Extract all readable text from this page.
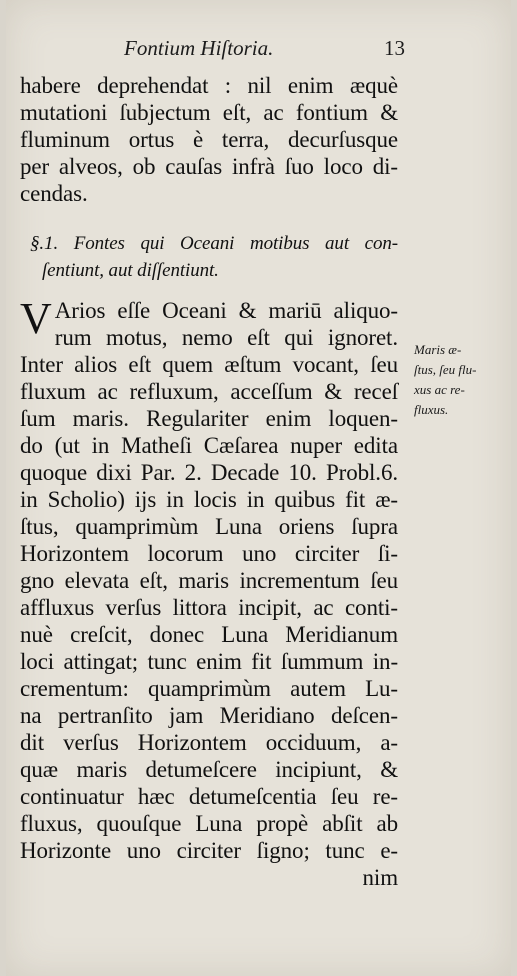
Fontium Hiſtoria.	13
habere deprehendat : nil enim æquè
mutationi ſubjectum eſt, ac fontium &
fluminum ortus è terra, decurſusque
per alveos, ob cauſas infrà ſuo loco di-
cendas.
§.1. Fontes qui Oceani motibus aut con-
ſentiunt, aut diſſentiunt.
V Arios eſſe Oceani & mariū aliquo-
rum motus, nemo eſt qui ignoret.
Inter alios eſt quem æſtum vocant, ſeu
fluxum ac refluxum, acceſſum & receſ
ſum maris. Regulariter enim loquen-
do (ut in Matheſi Cæſarea nuper edita
quoque dixi Par. 2. Decade 10. Probl.6.
in Scholio) ijs in locis in quibus fit æ-
ſtus, quamprimùm Luna oriens ſupra
Horizontem locorum uno circiter ſi-
gno elevata eſt, maris incrementum ſeu
affluxus verſus littora incipit, ac conti-
nuè creſcit, donec Luna Meridianum
loci attingat; tunc enim fit ſummum in-
crementum: quamprimùm autem Lu-
na pertranſito jam Meridiano deſcen-
dit verſus Horizontem occiduum, a-
quæ maris detumeſcere incipiunt, &
continuatur hæc detumeſcentia ſeu re-
fluxus, quouſque Luna propè abſit ab
Horizonte uno circiter ſigno; tunc e-
nim
Maris æ-
ſtus, ſeu flu-
xus ac re-
fluxus.
